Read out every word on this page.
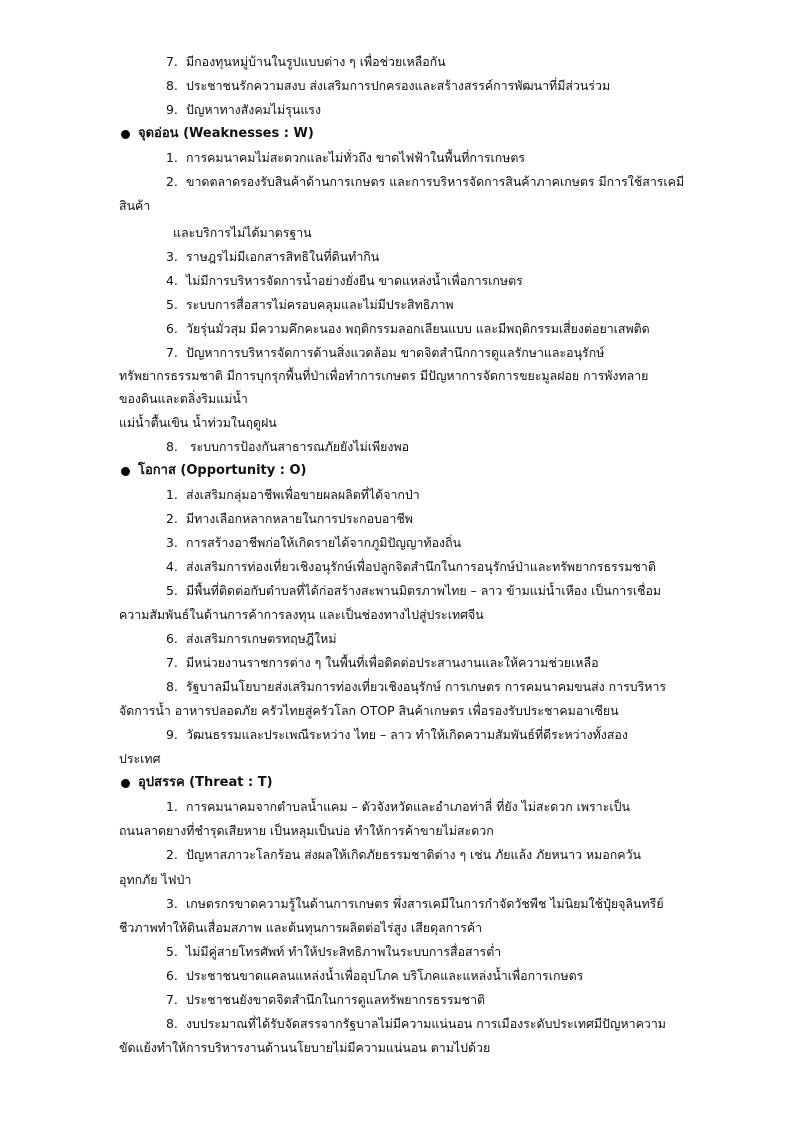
7. มีกองทุนหมู่บ้านในรูปแบบต่าง ๆ เพื่อช่วยเหลือกัน
8. ประชาชนรักความสงบ ส่งเสริมการปกครองและสร้างสรรค์การพัฒนาที่มีส่วนร่วม
9. ปัญหาทางสังคมไม่รุนแรง
จุดอ่อน (Weaknesses : W)
1. การคมนาคมไม่สะดวกและไม่ทั่วถึง ขาดไฟฟ้าในพื้นที่การเกษตร
2. ขาดตลาดรองรับสินค้าด้านการเกษตร และการบริหารจัดการสินค้าภาคเกษตร มีการใช้สารเคมี
สินค้า
และบริการไม่ได้มาตรฐาน
3. ราษฎรไม่มีเอกสารสิทธิในที่ดินทำกิน
4. ไม่มีการบริหารจัดการน้ำอย่างยั่งยืน ขาดแหล่งน้ำเพื่อการเกษตร
5. ระบบการสื่อสารไม่ครอบคลุมและไม่มีประสิทธิภาพ
6. วัยรุ่นมั่วสุม มีความคึกคะนอง พฤติกรรมลอกเลียนแบบ และมีพฤติกรรมเสี่ยงต่อยาเสพติด
7. ปัญหาการบริหารจัดการด้านสิ่งแวดล้อม ขาดจิตสำนึกการดูแลรักษาและอนุรักษ์
ทรัพยากรธรรมชาติ มีการบุกรุกพื้นที่ป่าเพื่อทำการเกษตร มีปัญหาการจัดการขยะมูลฝอย การพังทลาย
ของดินและตลิ่งริมแม่น้ำ
แม่น้ำตื้นเขิน น้ำท่วมในฤดูฝน
8. ระบบการป้องกันสาธารณภัยยังไม่เพียงพอ
โอกาส (Opportunity : O)
1. ส่งเสริมกลุ่มอาชีพเพื่อขายผลผลิตที่ได้จากป่า
2. มีทางเลือกหลากหลายในการประกอบอาชีพ
3. การสร้างอาชีพก่อให้เกิดรายได้จากภูมิปัญญาท้องถิ่น
4. ส่งเสริมการท่องเที่ยวเชิงอนุรักษ์เพื่อปลูกจิตสำนึกในการอนุรักษ์ป่าและทรัพยากรธรรมชาติ
5. มีพื้นที่ติดต่อกับตำบลที่ได้ก่อสร้างสะพานมิตรภาพไทย – ลาว ข้ามแม่น้ำเหือง เป็นการเชื่อม
ความสัมพันธ์ในด้านการค้าการลงทุน และเป็นช่องทางไปสู่ประเทศจีน
6. ส่งเสริมการเกษตรทฤษฎีใหม่
7. มีหน่วยงานราชการต่าง ๆ ในพื้นที่เพื่อติดต่อประสานงานและให้ความช่วยเหลือ
8. รัฐบาลมีนโยบายส่งเสริมการท่องเที่ยวเชิงอนุรักษ์ การเกษตร การคมนาคมขนส่ง การบริหาร
จัดการน้ำ อาหารปลอดภัย ครัวไทยสู่ครัวโลก OTOP สินค้าเกษตร เพื่อรองรับประชาคมอาเซียน
9. วัฒนธรรมและประเพณีระหว่าง ไทย – ลาว ทำให้เกิดความสัมพันธ์ที่ดีระหว่างทั้งสอง
ประเทศ
อุปสรรค (Threat : T)
1. การคมนาคมจากตำบลน้ำแคม – ตัวจังหวัดและอำเภอท่าลี่ ที่ยัง ไม่สะดวก เพราะเป็น
ถนนลาดยางที่ชำรุดเสียหาย เป็นหลุมเป็นบ่อ ทำให้การค้าขายไม่สะดวก
2. ปัญหาสภาวะโลกร้อน ส่งผลให้เกิดภัยธรรมชาติต่าง ๆ เช่น ภัยแล้ง ภัยหนาว หมอกควัน
อุทกภัย ไฟป่า
3. เกษตรกรขาดความรู้ในด้านการเกษตร พึ่งสารเคมีในการกำจัดวัชพืช ไม่นิยมใช้ปุ๋ยจุลินทรีย์
ชีวภาพทำให้ดินเสื่อมสภาพ และต้นทุนการผลิตต่อไร่สูง เสียดุลการค้า
5. ไม่มีคู่สายโทรศัพท์ ทำให้ประสิทธิภาพในระบบการสื่อสารต่ำ
6. ประชาชนขาดแคลนแหล่งน้ำเพื่ออุปโภค บริโภคและแหล่งน้ำเพื่อการเกษตร
7. ประชาชนยังขาดจิตสำนึกในการดูแลทรัพยากรธรรมชาติ
8. งบประมาณที่ได้รับจัดสรรจากรัฐบาลไม่มีความแน่นอน การเมืองระดับประเทศมีปัญหาความ
ขัดแย้งทำให้การบริหารงานด้านนโยบายไม่มีความแน่นอน ตามไปด้วย
